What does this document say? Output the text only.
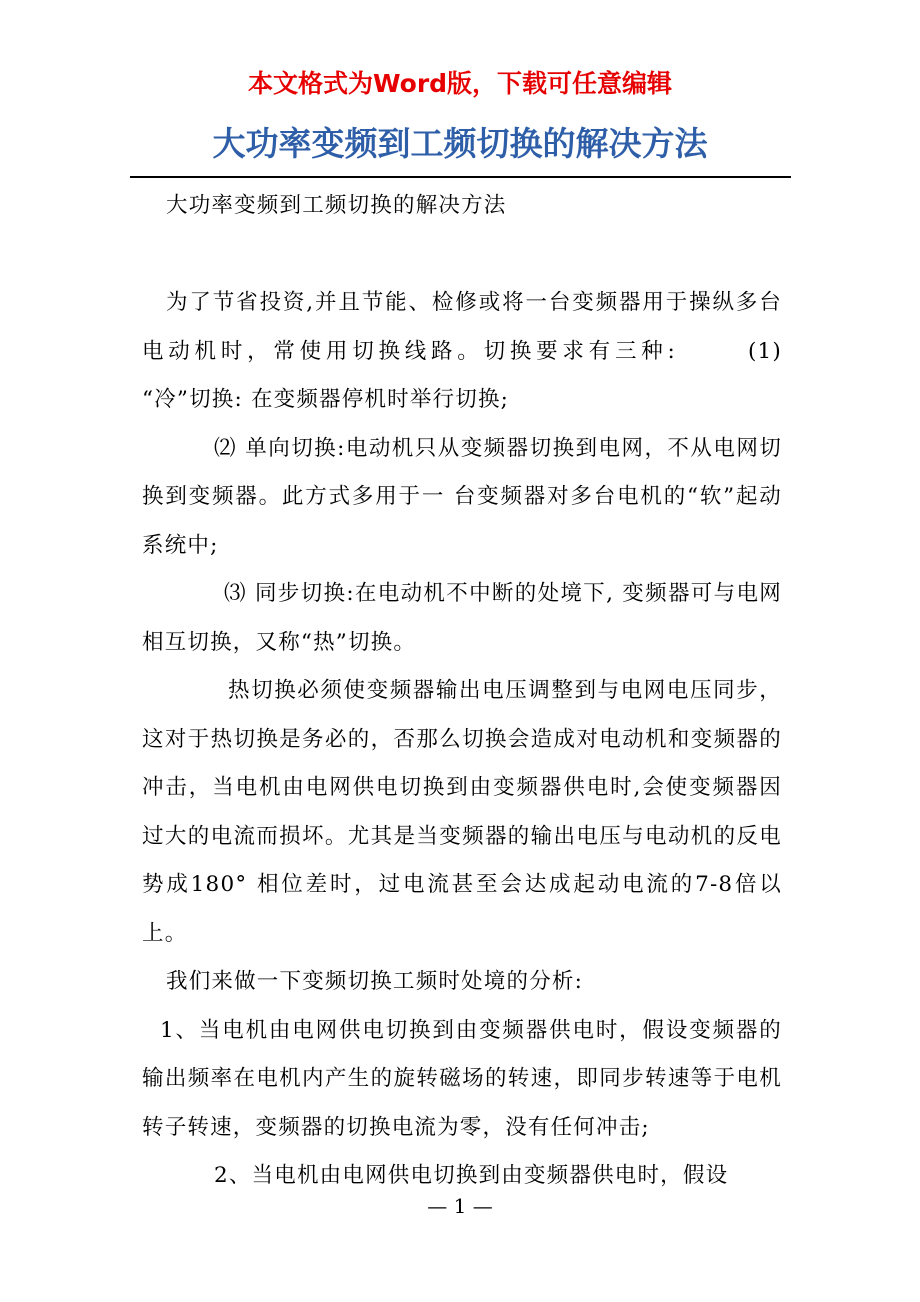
本文格式为Word版，下载可任意编辑
大功率变频到工频切换的解决方法

大功率变频到工频切换的解决方法

为了节省投资,并且节能、检修或将一台变频器用于操纵多台电动机时，常使用切换线路。切换要求有三种:	(1) “冷”切换: 在变频器停机时举行切换;

⑵ 单向切换:电动机只从变频器切换到电网，不从电网切换到变频器。此方式多用于一 台变频器对多台电机的“软”起动系统中;

⑶ 同步切换:在电动机不中断的处境下, 变频器可与电网相互切换，又称“热”切换。

热切换必须使变频器输出电压调整到与电网电压同步，这对于热切换是务必的，否那么切换会造成对电动机和变频器的冲击，当电机由电网供电切换到由变频器供电时,会使变频器因过大的电流而损坏。尤其是当变频器的输出电压与电动机的反电势成180° 相位差时，过电流甚至会达成起动电流的7-8倍以上。

我们来做一下变频切换工频时处境的分析:

1、当电机由电网供电切换到由变频器供电时，假设变频器的输出频率在电机内产生的旋转磁场的转速，即同步转速等于电机转子转速，变频器的切换电流为零，没有任何冲击;

2、当电机由电网供电切换到由变频器供电时，假设

— 1 —
